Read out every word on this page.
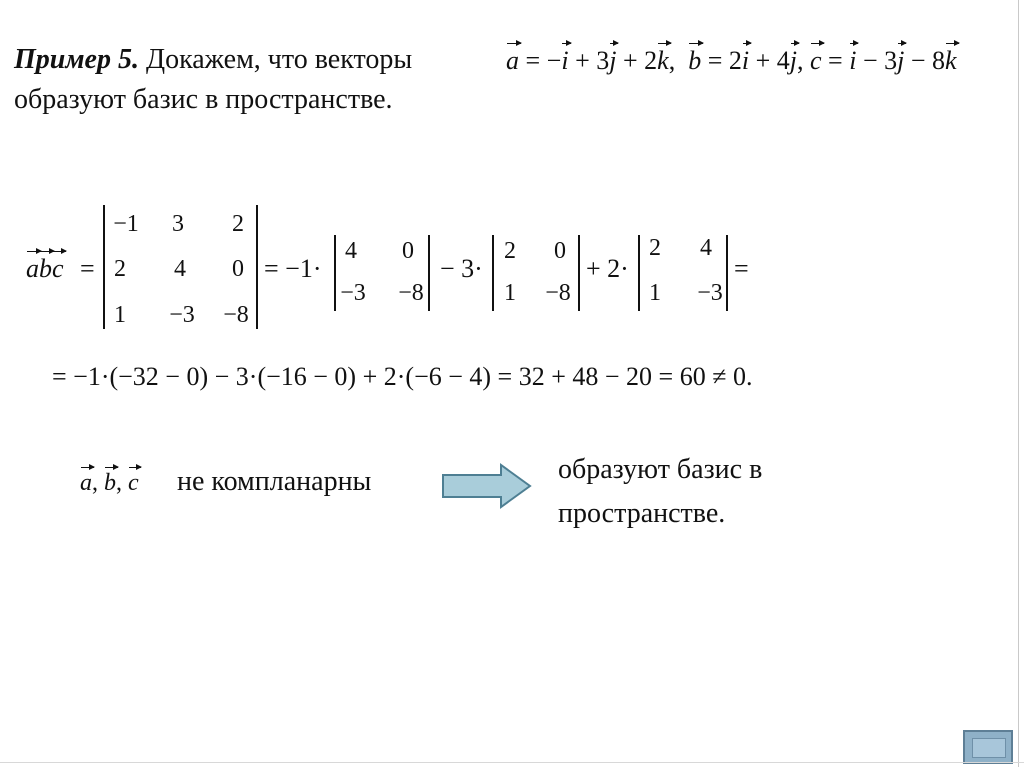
Пример 5. Докажем, что векторы
образуют базис в пространстве.
a = −i + 3j + 2k, b = 2i + 4j, c = i − 3j − 8k
abc =
−1	3	2
2	4	0
1	−3	−8
= −1·
4	0
−3	−8
− 3·
2	0
1	−8
+ 2·
2	4
1	−3
=
= −1·(−32 − 0) − 3·(−16 − 0) + 2·(−6 − 4) = 32 + 48 − 20 = 60 ≠ 0.
a, b, c не компланарны	образуют базис в
пространстве.
